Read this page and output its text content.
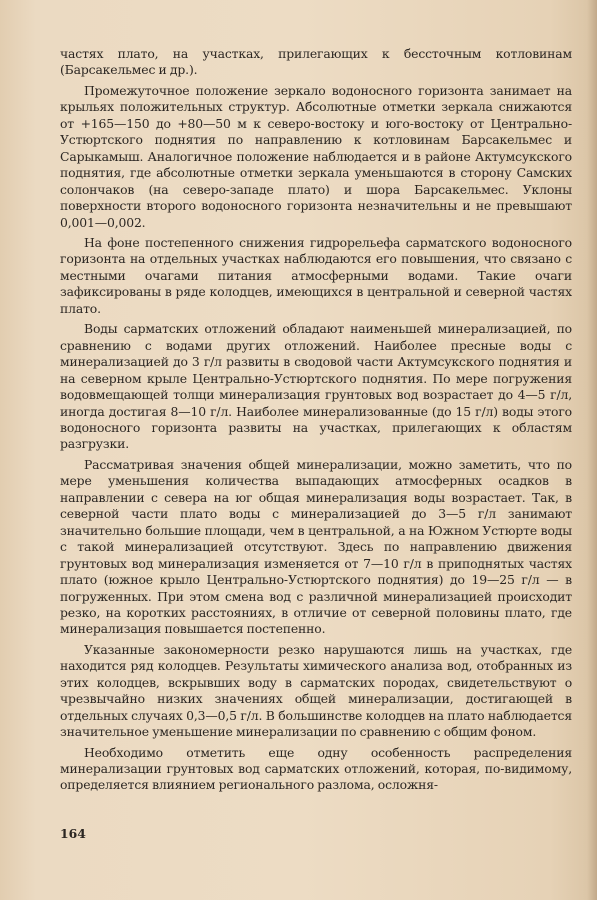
частях плато, на участках, прилегающих к бессточным котловинам (Барсакельмес и др.).

Промежуточное положение зеркало водоносного горизонта занимает на крыльях положительных структур. Абсолютные отметки зеркала снижаются от +165—150 до +80—50 м к северо-востоку и юго-востоку от Центрально-Устюртского поднятия по направлению к котловинам Барсакельмес и Сарыкамыш. Аналогичное положение наблюдается и в районе Актумсукского поднятия, где абсолютные отметки зеркала уменьшаются в сторону Самских солончаков (на северо-западе плато) и шора Барсакельмес. Уклоны поверхности второго водоносного горизонта незначительны и не превышают 0,001—0,002.

На фоне постепенного снижения гидрорельефа сарматского водоносного горизонта на отдельных участках наблюдаются его повышения, что связано с местными очагами питания атмосферными водами. Такие очаги зафиксированы в ряде колодцев, имеющихся в центральной и северной частях плато.

Воды сарматских отложений обладают наименьшей минерализацией, по сравнению с водами других отложений. Наиболее пресные воды с минерализацией до 3 г/л развиты в сводовой части Актумсукского поднятия и на северном крыле Центрально-Устюртского поднятия. По мере погружения водовмещающей толщи минерализация грунтовых вод возрастает до 4—5 г/л, иногда достигая 8—10 г/л. Наиболее минерализованные (до 15 г/л) воды этого водоносного горизонта развиты на участках, прилегающих к областям разгрузки.

Рассматривая значения общей минерализации, можно заметить, что по мере уменьшения количества выпадающих атмосферных осадков в направлении с севера на юг общая минерализация воды возрастает. Так, в северной части плато воды с минерализацией до 3—5 г/л занимают значительно большие площади, чем в центральной, а на Южном Устюрте воды с такой минерализацией отсутствуют. Здесь по направлению движения грунтовых вод минерализация изменяется от 7—10 г/л в приподнятых частях плато (южное крыло Центрально-Устюртского поднятия) до 19—25 г/л — в погруженных. При этом смена вод с различной минерализацией происходит резко, на коротких расстояниях, в отличие от северной половины плато, где минерализация повышается постепенно.

Указанные закономерности резко нарушаются лишь на участках, где находится ряд колодцев. Результаты химического анализа вод, отобранных из этих колодцев, вскрывших воду в сарматских породах, свидетельствуют о чрезвычайно низких значениях общей минерализации, достигающей в отдельных случаях 0,3—0,5 г/л. В большинстве колодцев на плато наблюдается значительное уменьшение минерализации по сравнению с общим фоном.

Необходимо отметить еще одну особенность распределения минерализации грунтовых вод сарматских отложений, которая, по-видимому, определяется влиянием регионального разлома, осложня-

164
